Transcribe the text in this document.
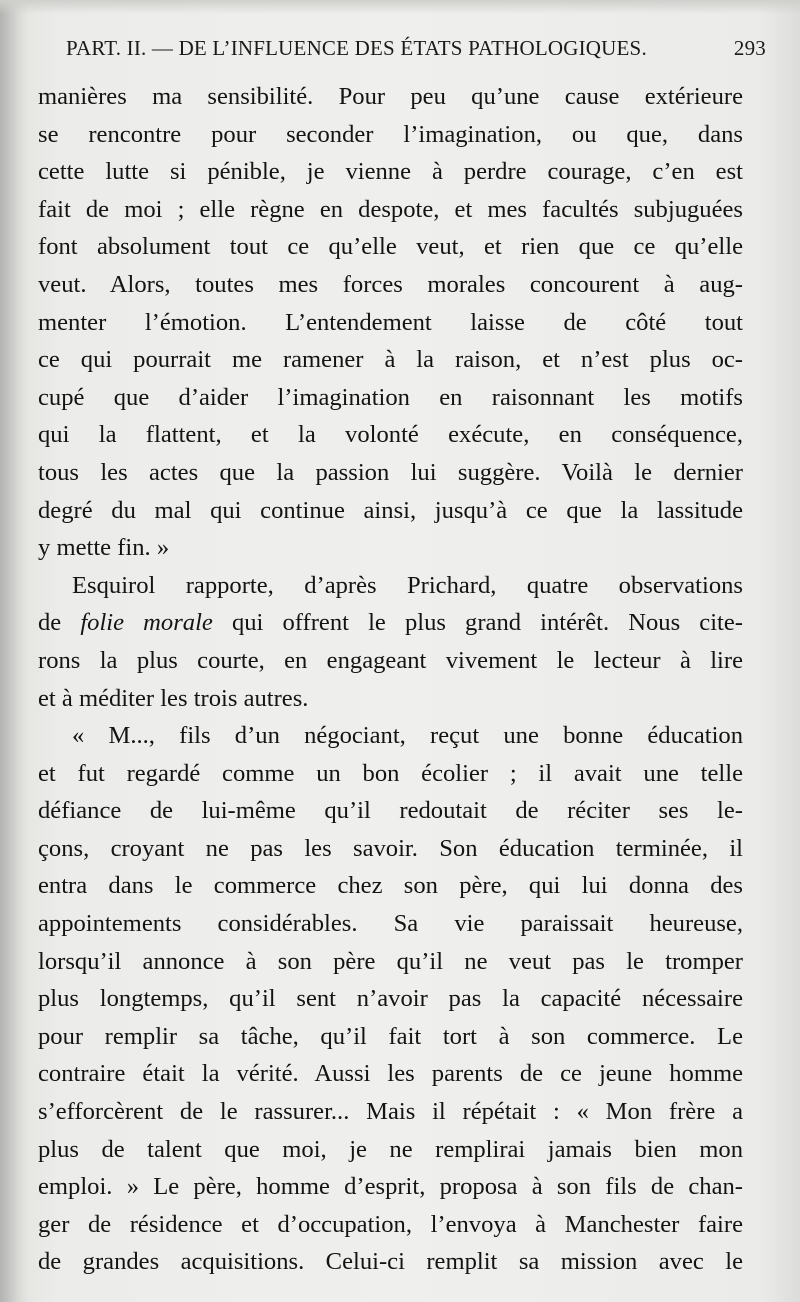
PART. II. — DE L’INFLUENCE DES ÉTATS PATHOLOGIQUES.	293
manières ma sensibilité. Pour peu qu’une cause extérieure
se rencontre pour seconder l’imagination, ou que, dans
cette lutte si pénible, je vienne à perdre courage, c’en est
fait de moi ; elle règne en despote, et mes facultés subjuguées
font absolument tout ce qu’elle veut, et rien que ce qu’elle
veut. Alors, toutes mes forces morales concourent à aug-
menter l’émotion. L’entendement laisse de côté tout
ce qui pourrait me ramener à la raison, et n’est plus oc-
cupé que d’aider l’imagination en raisonnant les motifs
qui la flattent, et la volonté exécute, en conséquence,
tous les actes que la passion lui suggère. Voilà le dernier
degré du mal qui continue ainsi, jusqu’à ce que la lassitude
y mette fin. »
Esquirol rapporte, d’après Prichard, quatre observations
de folie morale qui offrent le plus grand intérêt. Nous cite-
rons la plus courte, en engageant vivement le lecteur à lire
et à méditer les trois autres.
« M..., fils d’un négociant, reçut une bonne éducation
et fut regardé comme un bon écolier ; il avait une telle
défiance de lui-même qu’il redoutait de réciter ses le-
çons, croyant ne pas les savoir. Son éducation terminée, il
entra dans le commerce chez son père, qui lui donna des
appointements considérables. Sa vie paraissait heureuse,
lorsqu’il annonce à son père qu’il ne veut pas le tromper
plus longtemps, qu’il sent n’avoir pas la capacité nécessaire
pour remplir sa tâche, qu’il fait tort à son commerce. Le
contraire était la vérité. Aussi les parents de ce jeune homme
s’efforcèrent de le rassurer... Mais il répétait : « Mon frère a
plus de talent que moi, je ne remplirai jamais bien mon
emploi. » Le père, homme d’esprit, proposa à son fils de chan-
ger de résidence et d’occupation, l’envoya à Manchester faire
de grandes acquisitions. Celui-ci remplit sa mission avec le
